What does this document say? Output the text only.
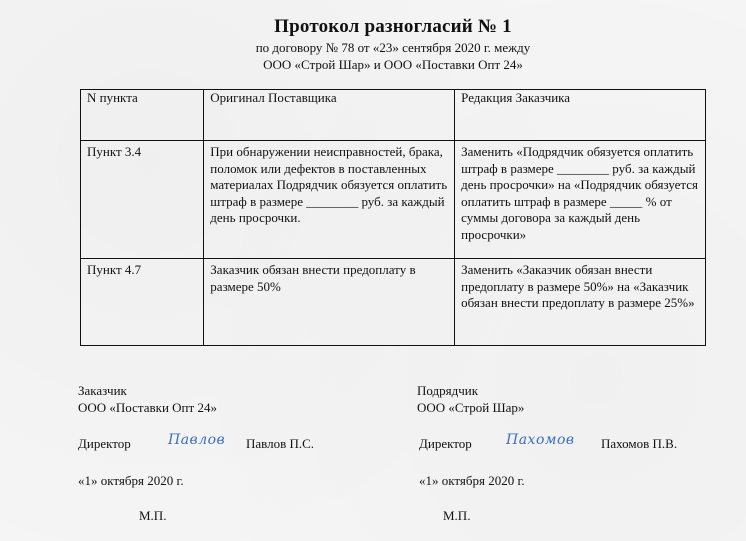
Протокол разногласий № 1
по договору № 78 от «23» сентября 2020 г. между
ООО «Строй Шар» и ООО «Поставки Опт 24»
N пункта	Оригинал Поставщика	Редакция Заказчика
Пункт 3.4	При обнаружении неисправностей, брака, поломок или дефектов в поставленных материалах Подрядчик обязуется оплатить штраф в размере ________ руб. за каждый день просрочки.	Заменить «Подрядчик обязуется оплатить штраф в размере ________ руб. за каждый день просрочки» на «Подрядчик обязуется оплатить штраф в размере _____ % от суммы договора за каждый день просрочки»
Пункт 4.7	Заказчик обязан внести предоплату в размере 50%	Заменить «Заказчик обязан внести предоплату в размере 50%» на «Заказчик обязан внести предоплату в размере 25%»
Заказчик
ООО «Поставки Опт 24»
Директор	Павлов Павлов П.С.
«1» октября 2020 г.
М.П.
Подрядчик
ООО «Строй Шар»
Директор Пахомов Пахомов П.В.
«1» октября 2020 г.
М.П.
